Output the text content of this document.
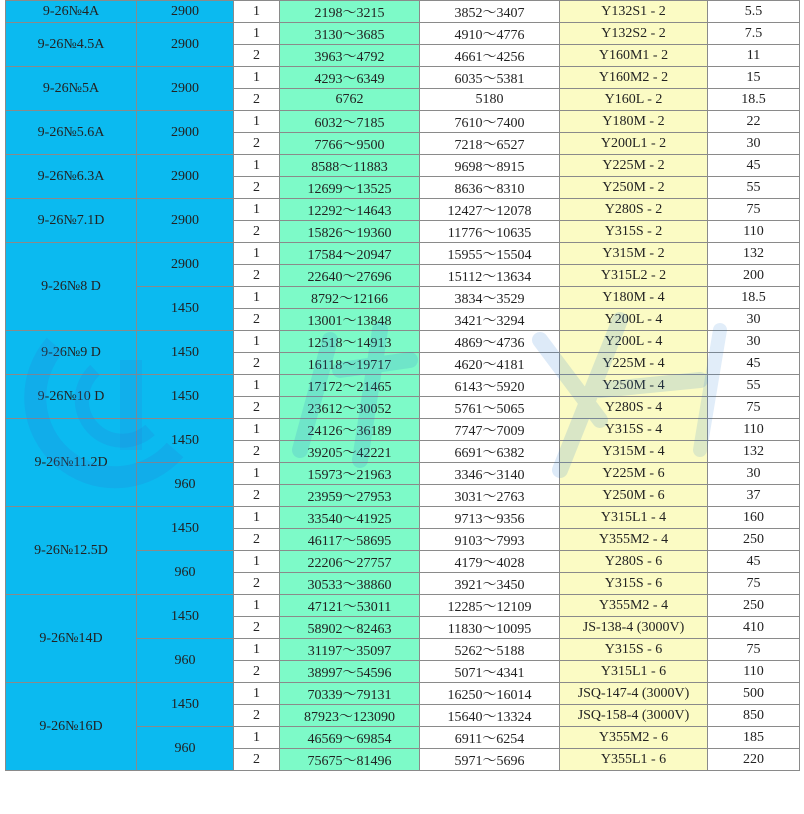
9-26№4A	2900	1	2198～3215	3852～3407	Y132S1 - 2	5.5
9-26№4.5A	2900	1	3130～3685	4910～4776	Y132S2 - 2	7.5
		2	3963～4792	4661～4256	Y160M1 - 2	11
9-26№5A	2900	1	4293～6349	6035～5381	Y160M2 - 2	15
		2	6762	5180	Y160L - 2	18.5
9-26№5.6A	2900	1	6032～7185	7610～7400	Y180M - 2	22
		2	7766～9500	7218～6527	Y200L1 - 2	30
9-26№6.3A	2900	1	8588～11883	9698～8915	Y225M - 2	45
		2	12699～13525	8636～8310	Y250M - 2	55
9-26№7.1D	2900	1	12292～14643	12427～12078	Y280S - 2	75
		2	15826～19360	11776～10635	Y315S - 2	110
9-26№8 D	2900	1	17584～20947	15955～15504	Y315M - 2	132
		2	22640～27696	15112～13634	Y315L2 - 2	200
	1450	1	8792～12166	3834～3529	Y180M - 4	18.5
		2	13001～13848	3421～3294	Y200L - 4	30
9-26№9 D	1450	1	12518～14913	4869～4736	Y200L - 4	30
		2	16118～19717	4620～4181	Y225M - 4	45
9-26№10 D	1450	1	17172～21465	6143～5920	Y250M - 4	55
		2	23612～30052	5761～5065	Y280S - 4	75
9-26№11.2D	1450	1	24126～36189	7747～7009	Y315S - 4	110
		2	39205～42221	6691～6382	Y315M - 4	132
	960	1	15973～21963	3346～3140	Y225M - 6	30
		2	23959～27953	3031～2763	Y250M - 6	37
9-26№12.5D	1450	1	33540～41925	9713～9356	Y315L1 - 4	160
		2	46117～58695	9103～7993	Y355M2 - 4	250
	960	1	22206～27757	4179～4028	Y280S - 6	45
		2	30533～38860	3921～3450	Y315S - 6	75
9-26№14D	1450	1	47121～53011	12285～12109	Y355M2 - 4	250
		2	58902～82463	11830～10095	JS-138-4 (3000V)	410
	960	1	31197～35097	5262～5188	Y315S - 6	75
		2	38997～54596	5071～4341	Y315L1 - 6	110
9-26№16D	1450	1	70339～79131	16250～16014	JSQ-147-4 (3000V)	500
		2	87923～123090	15640～13324	JSQ-158-4 (3000V)	850
	960	1	46569～69854	6911～6254	Y355M2 - 6	185
		2	75675～81496	5971～5696	Y355L1 - 6	220
